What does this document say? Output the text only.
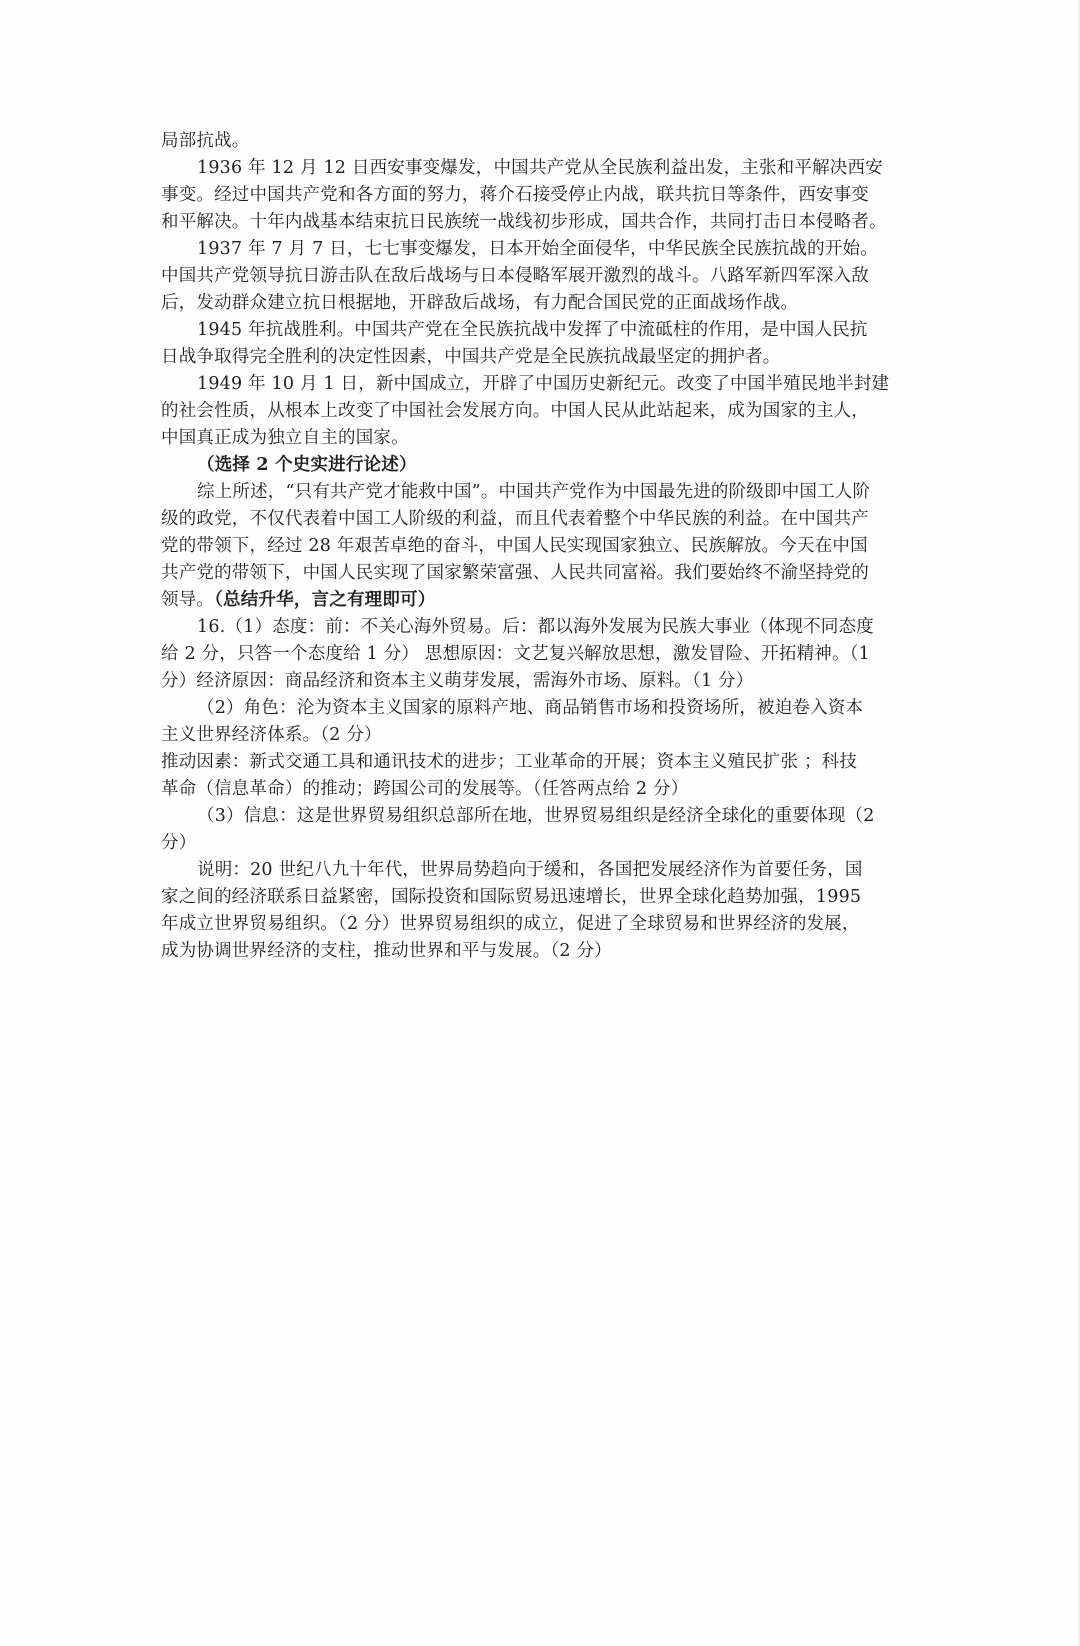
局部抗战。
1936 年 12 月 12 日西安事变爆发，中国共产党从全民族利益出发，主张和平解决西安
事变。经过中国共产党和各方面的努力，蒋介石接受停止内战，联共抗日等条件，西安事变
和平解决。十年内战基本结束抗日民族统一战线初步形成，国共合作，共同打击日本侵略者。
1937 年 7 月 7 日，七七事变爆发，日本开始全面侵华，中华民族全民族抗战的开始。
中国共产党领导抗日游击队在敌后战场与日本侵略军展开激烈的战斗。八路军新四军深入敌
后，发动群众建立抗日根据地，开辟敌后战场，有力配合国民党的正面战场作战。
1945 年抗战胜利。中国共产党在全民族抗战中发挥了中流砥柱的作用，是中国人民抗
日战争取得完全胜利的决定性因素，中国共产党是全民族抗战最坚定的拥护者。
1949 年 10 月 1 日，新中国成立，开辟了中国历史新纪元。改变了中国半殖民地半封建
的社会性质，从根本上改变了中国社会发展方向。中国人民从此站起来，成为国家的主人，
中国真正成为独立自主的国家。
（选择 2 个史实进行论述）
综上所述，“只有共产党才能救中国”。中国共产党作为中国最先进的阶级即中国工人阶
级的政党，不仅代表着中国工人阶级的利益，而且代表着整个中华民族的利益。在中国共产
党的带领下，经过 28 年艰苦卓绝的奋斗，中国人民实现国家独立、民族解放。今天在中国
共产党的带领下，中国人民实现了国家繁荣富强、人民共同富裕。我们要始终不渝坚持党的
领导。（总结升华，言之有理即可）
16.（1）态度：前：不关心海外贸易。后：都以海外发展为民族大事业（体现不同态度
给 2 分，只答一个态度给 1 分） 思想原因：文艺复兴解放思想，激发冒险、开拓精神。（1
分）经济原因：商品经济和资本主义萌芽发展，需海外市场、原料。（1 分）
（2）角色：沦为资本主义国家的原料产地、商品销售市场和投资场所，被迫卷入资本
主义世界经济体系。（2 分）
推动因素：新式交通工具和通讯技术的进步；工业革命的开展；资本主义殖民扩张 ；科技
革命（信息革命）的推动；跨国公司的发展等。（任答两点给 2 分）
（3）信息：这是世界贸易组织总部所在地，世界贸易组织是经济全球化的重要体现（2
分）
说明：20 世纪八九十年代，世界局势趋向于缓和，各国把发展经济作为首要任务，国
家之间的经济联系日益紧密，国际投资和国际贸易迅速增长，世界全球化趋势加强，1995
年成立世界贸易组织。（2 分）世界贸易组织的成立，促进了全球贸易和世界经济的发展，
成为协调世界经济的支柱，推动世界和平与发展。（2 分）
